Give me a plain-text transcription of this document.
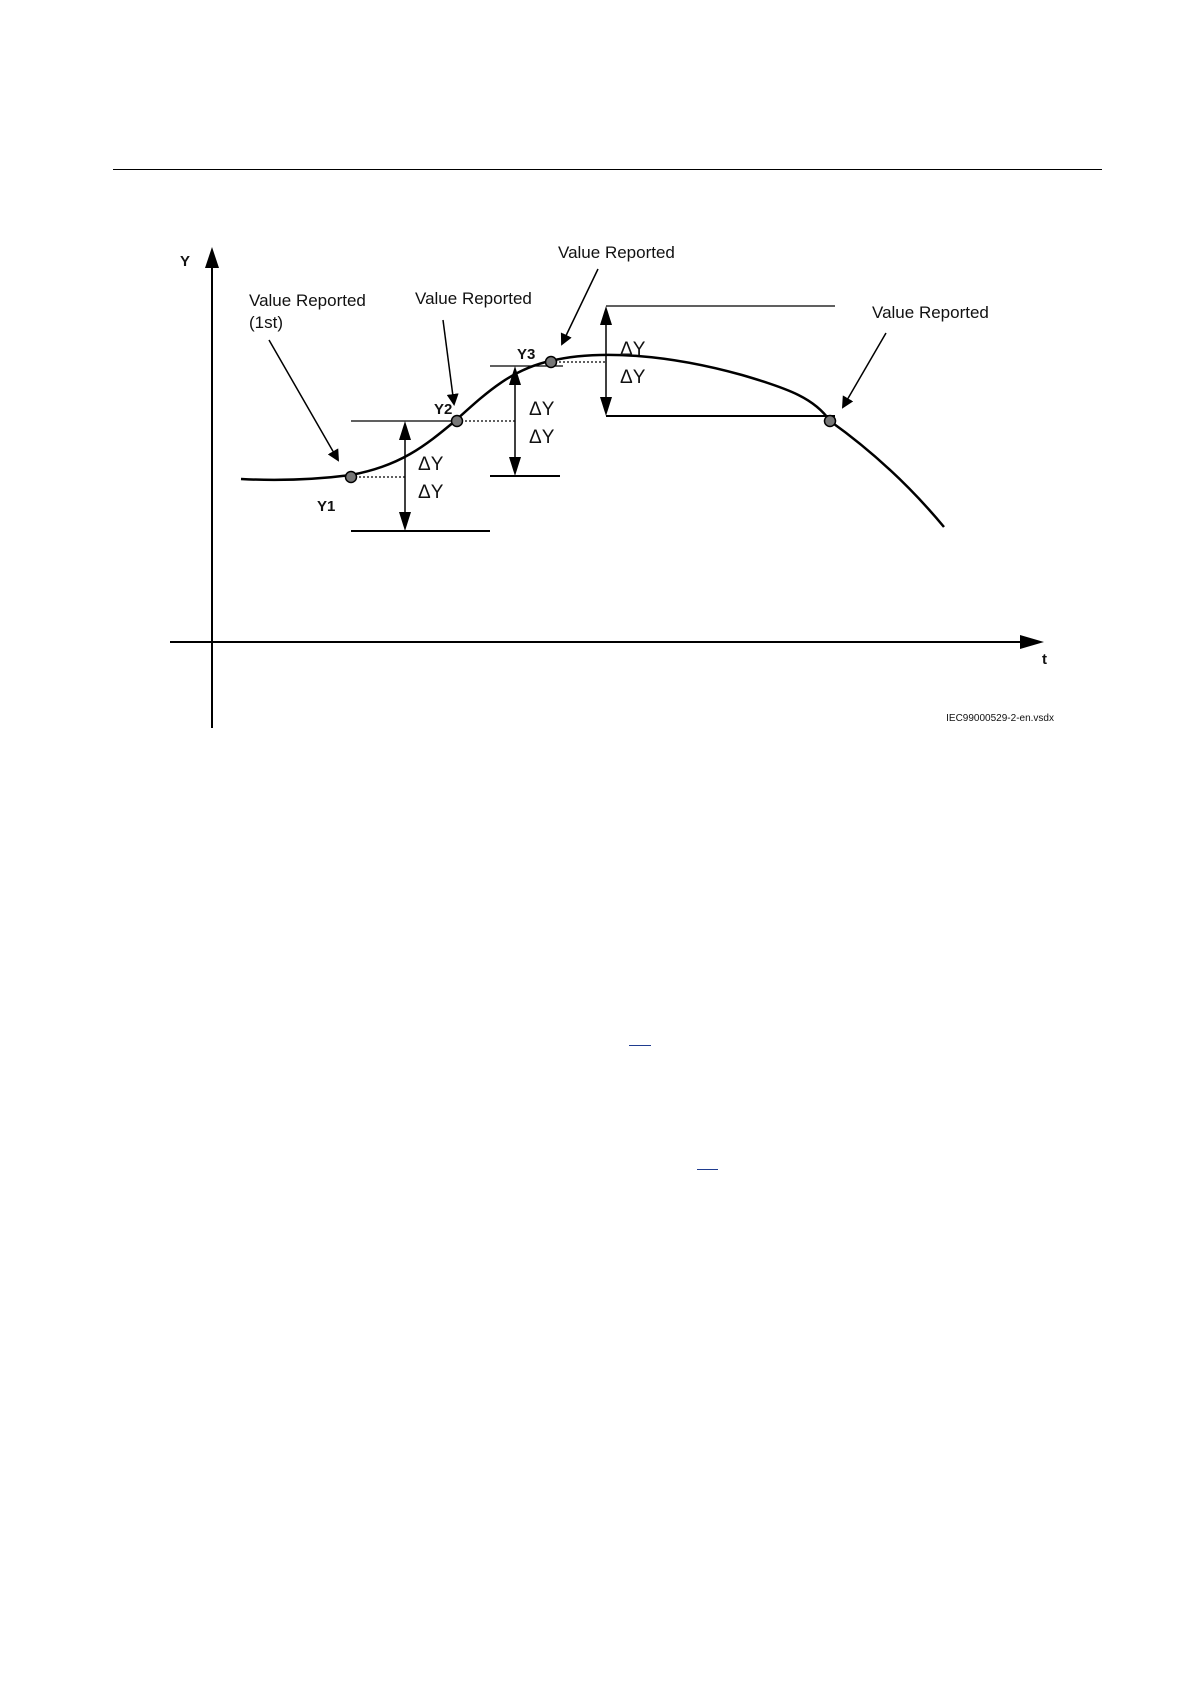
Y
t
ΔY
ΔY
ΔY
ΔY
ΔY
ΔY
Y1
Y2
Y3
Value Reported
(1st)
Value Reported
Value Reported
Value Reported
IEC99000529-2-en.vsdx
